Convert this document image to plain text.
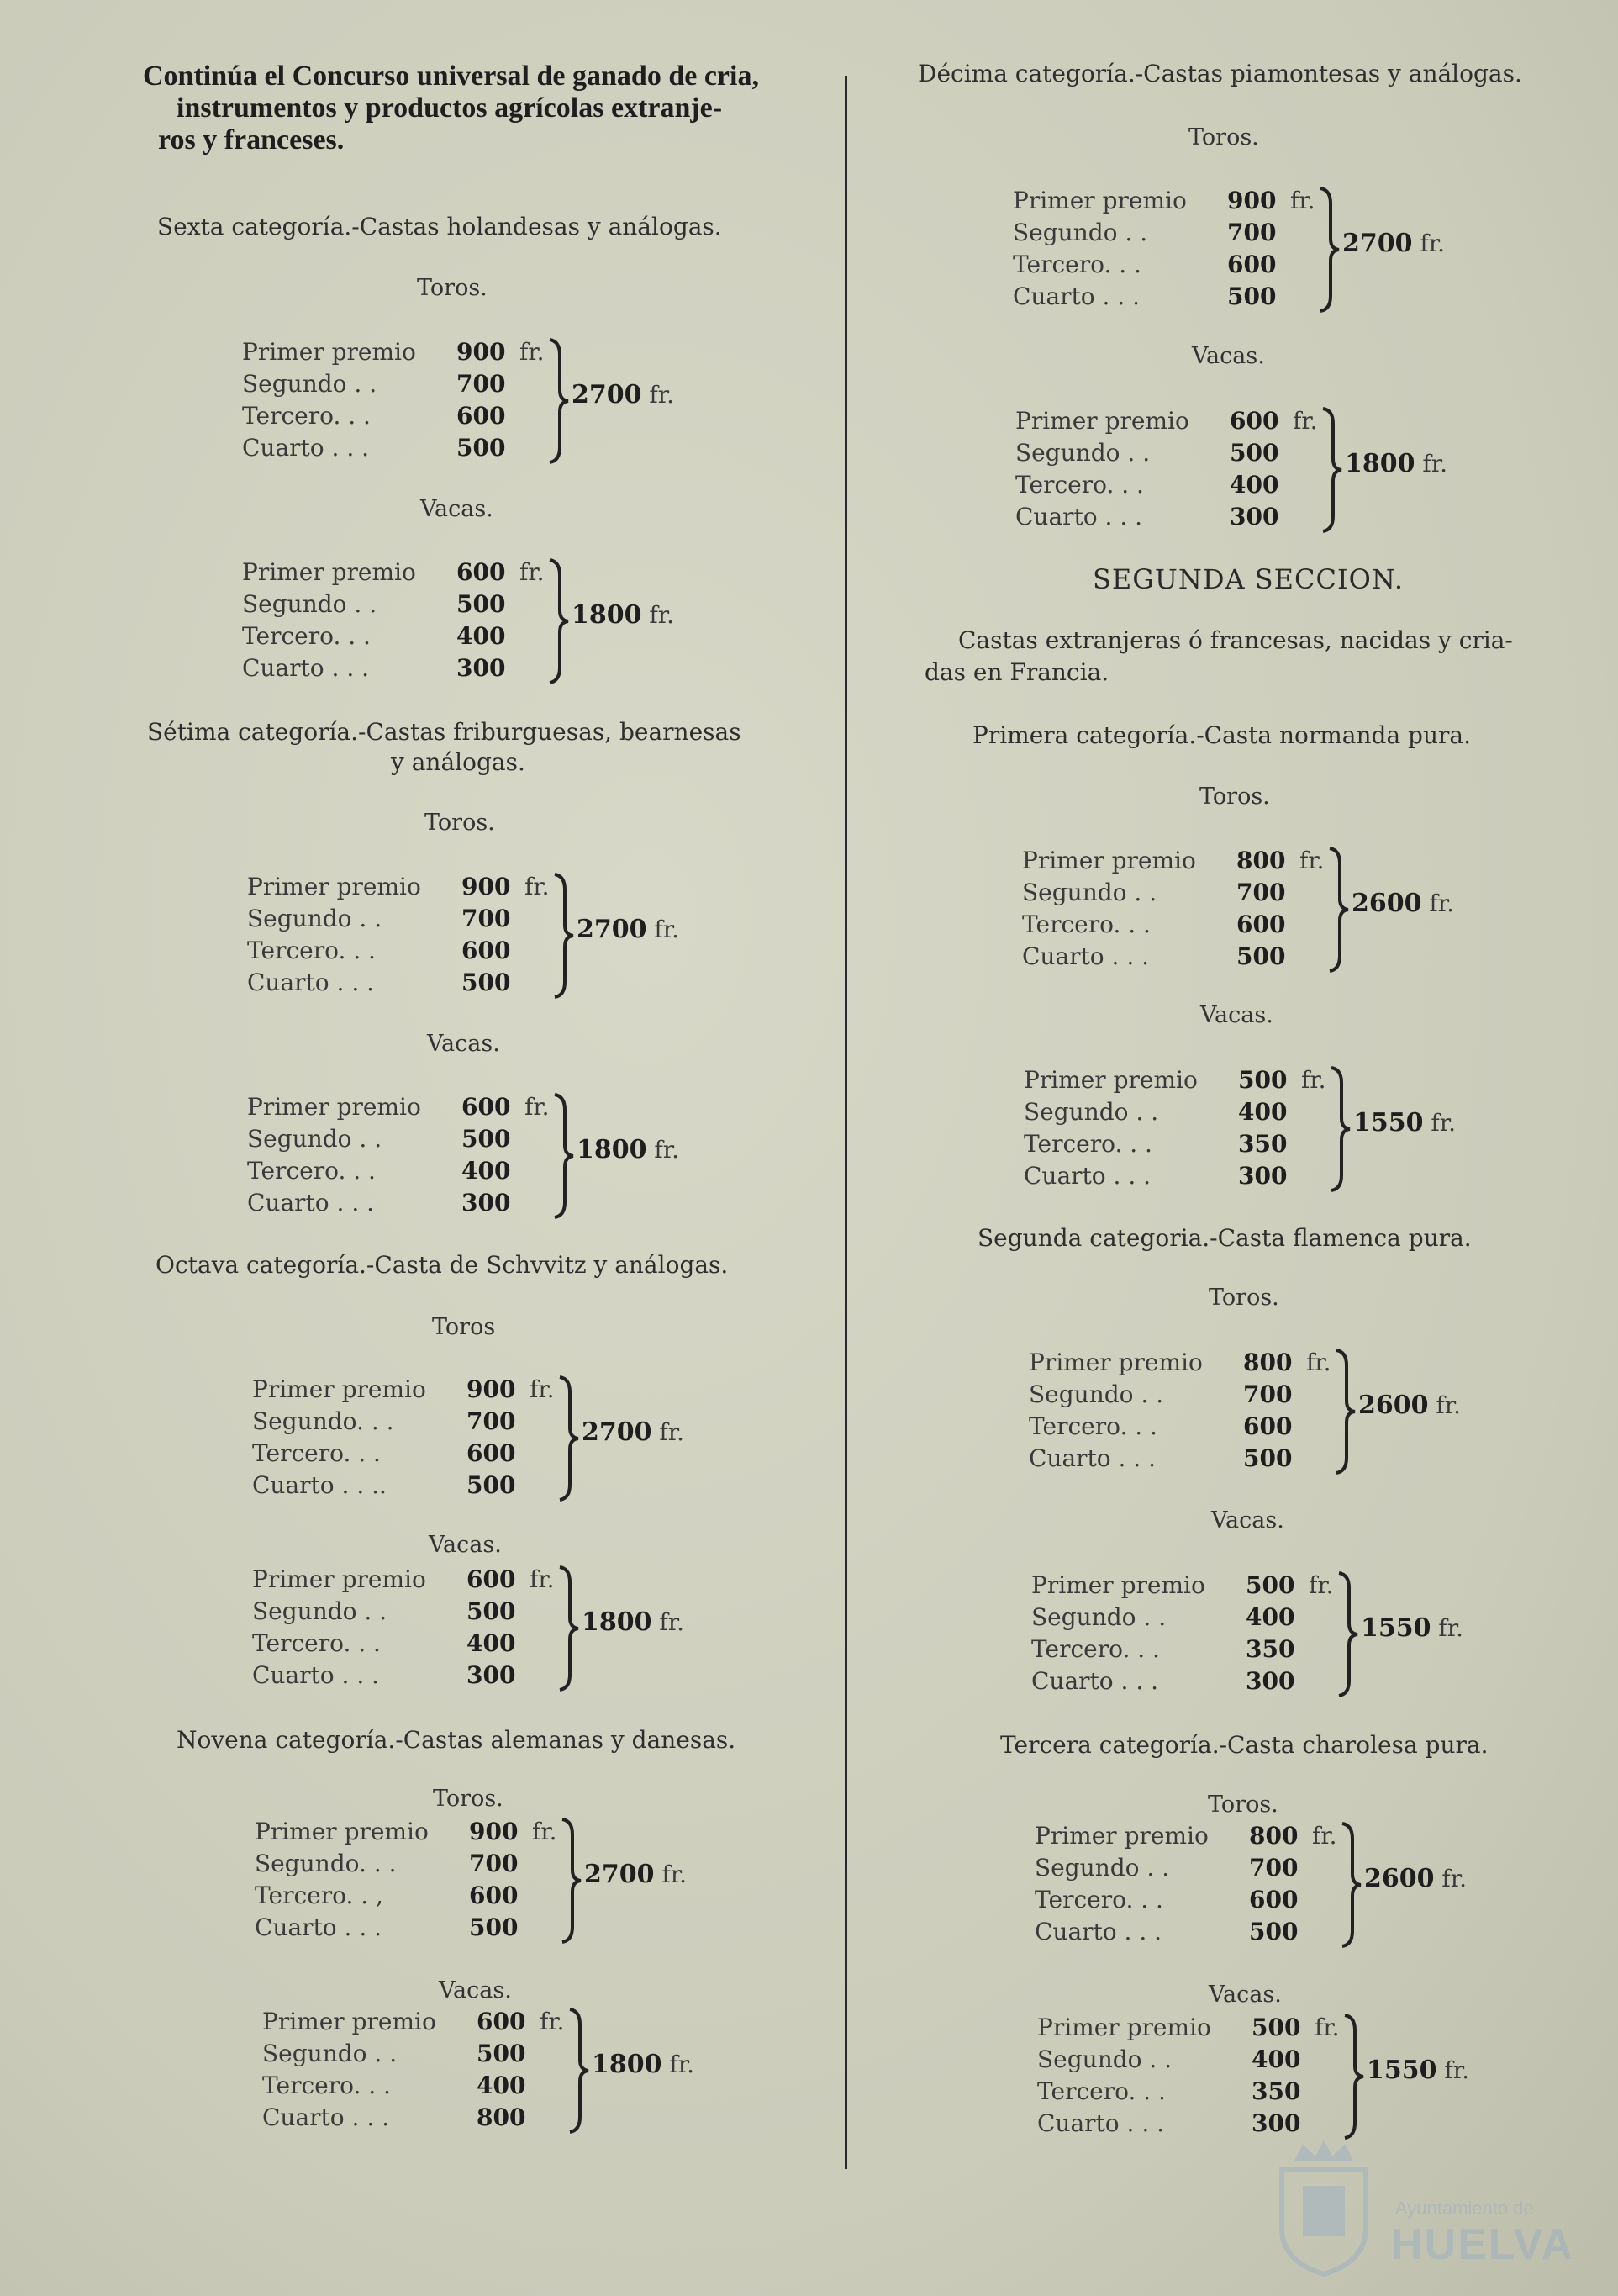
Continúa el Concurso universal de ganado de cria,
instrumentos y productos agrícolas extranje-
ros y franceses.
Sexta categoría.-Castas holandesas y análogas.
Toros.
Primer premio 900 fr.
Segundo . .	700
Tercero. . .	600
Cuarto . . .	500
2700 fr.
Vacas.
Primer premio 600 fr.
Segundo . .	500
Tercero. . .	400
Cuarto . . .	300
1800 fr.
Sétima categoría.-Castas friburguesas, bearnesas
y análogas.
Toros.
Primer premio 900 fr.
Segundo . .	700
Tercero. . .	600
Cuarto . . .	500
2700 fr.
Vacas.
Primer premio 600 fr.
Segundo . .	500
Tercero. . .	400
Cuarto . . .	300
1800 fr.
Octava categoría.-Casta de Schvvitz y análogas.
Toros
Primer premio 900 fr.
Segundo. . .	700
Tercero. . .	600
Cuarto . . ..	500
2700 fr.
Vacas.
Primer premio 600 fr.
Segundo . .	500
Tercero. . .	400
Cuarto . . .	300
1800 fr.
Novena categoría.-Castas alemanas y danesas.
Toros.
Primer premio 900 fr.
Segundo. . .	700
Tercero. . ,	600
Cuarto . . .	500
2700 fr.
Vacas.
Primer premio 600 fr.
Segundo . .	500
Tercero. . .	400
Cuarto . . .	800
1800 fr.
Décima categoría.-Castas piamontesas y análogas.
Toros.
Primer premio 900 fr.
Segundo . .	700
Tercero. . .	600
Cuarto . . .	500
2700 fr.
Vacas.
Primer premio 600 fr.
Segundo . .	500
Tercero. . .	400
Cuarto . . .	300
1800 fr.
SEGUNDA SECCION.
Castas extranjeras ó francesas, nacidas y cria-
das en Francia.
Primera categoría.-Casta normanda pura.
Toros.
Primer premio 800 fr.
Segundo . .	700
Tercero. . .	600
Cuarto . . .	500
2600 fr.
Vacas.
Primer premio 500 fr.
Segundo . .	400
Tercero. . .	350
Cuarto . . .	300
1550 fr.
Segunda categoria.-Casta flamenca pura.
Toros.
Primer premio 800 fr.
Segundo . .	700
Tercero. . .	600
Cuarto . . .	500
2600 fr.
Vacas.
Primer premio 500 fr.
Segundo . .	400
Tercero. . .	350
Cuarto . . .	300
1550 fr.
Tercera categoría.-Casta charolesa pura.
Toros.
Primer premio 800 fr.
Segundo . .	700
Tercero. . .	600
Cuarto . . .	500
2600 fr.
Vacas.
Primer premio 500 fr.
Segundo . .	400
Tercero. . .	350
Cuarto . . .	300
1550 fr.
Ayuntamiento de
HUELVA
